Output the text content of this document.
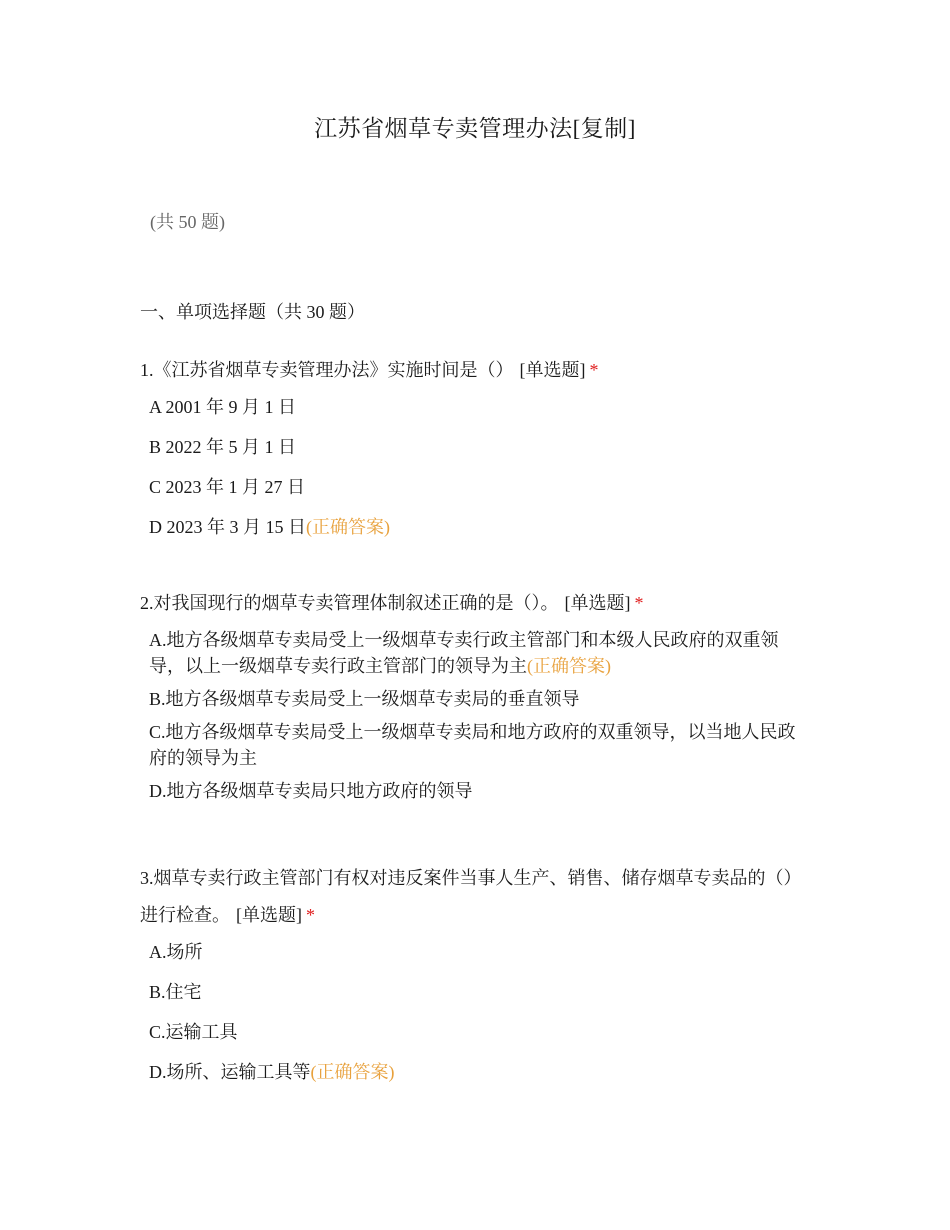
江苏省烟草专卖管理办法[复制]
(共 50 题)
一、单项选择题（共 30 题）

1.《江苏省烟草专卖管理办法》实施时间是（） [单选题] *

A 2001 年 9 月 1 日
B 2022 年 5 月 1 日
C 2023 年 1 月 27 日
D 2023 年 3 月 15 日(正确答案)

2.对我国现行的烟草专卖管理体制叙述正确的是（）。 [单选题] *

A.地方各级烟草专卖局受上一级烟草专卖行政主管部门和本级人民政府的双重领导，以上一级烟草专卖行政主管部门的领导为主(正确答案)
B.地方各级烟草专卖局受上一级烟草专卖局的垂直领导
C.地方各级烟草专卖局受上一级烟草专卖局和地方政府的双重领导，以当地人民政府的领导为主
D.地方各级烟草专卖局只地方政府的领导

3.烟草专卖行政主管部门有权对违反案件当事人生产、销售、储存烟草专卖品的（）进行检查。 [单选题] *

A.场所
B.住宅
C.运输工具
D.场所、运输工具等(正确答案)
